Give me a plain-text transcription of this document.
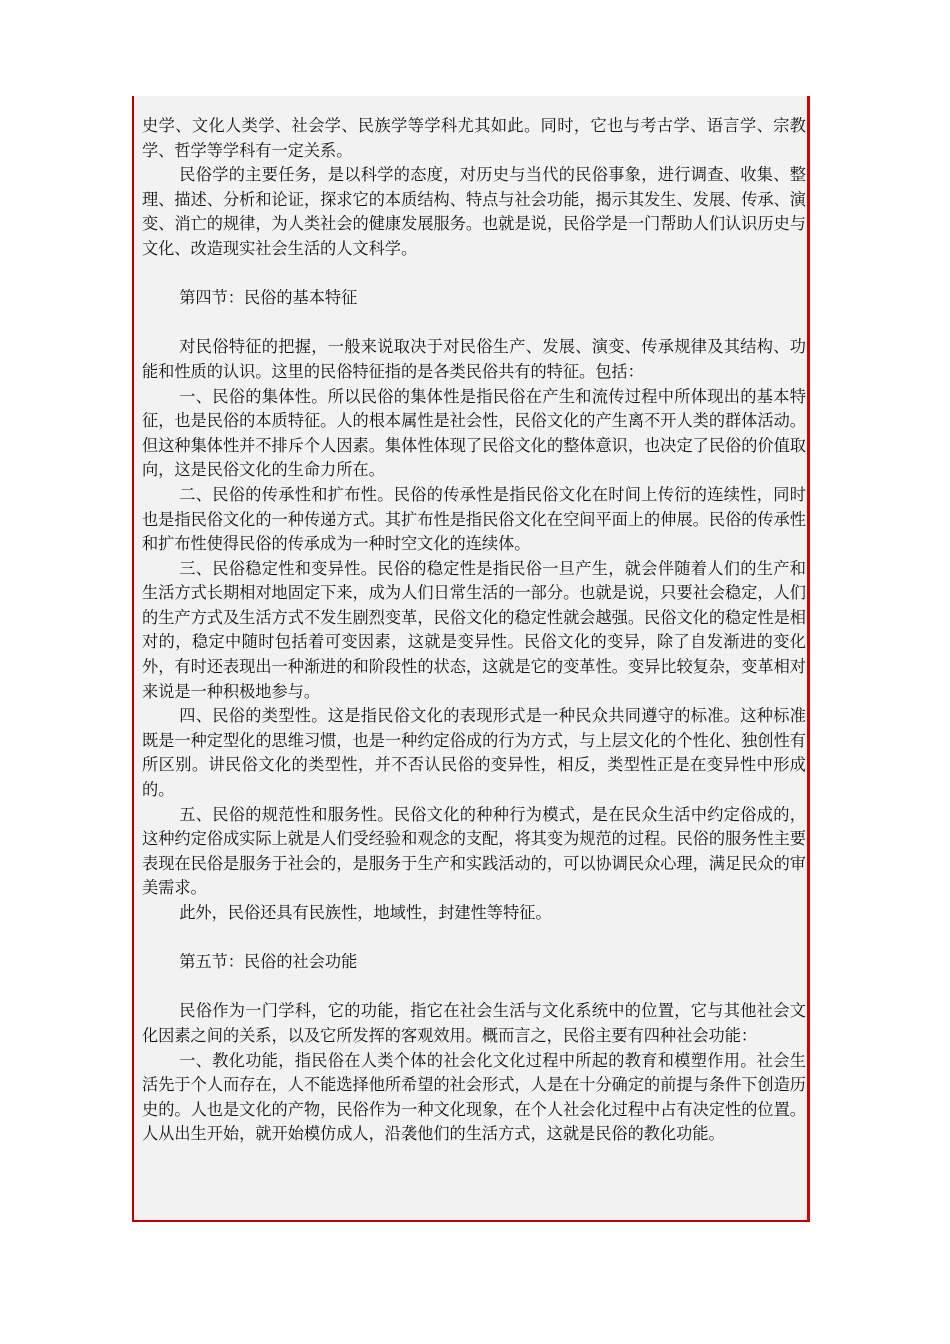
史学、文化人类学、社会学、民族学等学科尤其如此。同时，它也与考古学、语言学、宗教学、哲学等学科有一定关系。

民俗学的主要任务，是以科学的态度，对历史与当代的民俗事象，进行调查、收集、整理、描述、分析和论证，探求它的本质结构、特点与社会功能，揭示其发生、发展、传承、演变、消亡的规律，为人类社会的健康发展服务。也就是说，民俗学是一门帮助人们认识历史与文化、改造现实社会生活的人文科学。

第四节：民俗的基本特征

对民俗特征的把握，一般来说取决于对民俗生产、发展、演变、传承规律及其结构、功能和性质的认识。这里的民俗特征指的是各类民俗共有的特征。包括：

一、民俗的集体性。所以民俗的集体性是指民俗在产生和流传过程中所体现出的基本特征，也是民俗的本质特征。人的根本属性是社会性，民俗文化的产生离不开人类的群体活动。但这种集体性并不排斥个人因素。集体性体现了民俗文化的整体意识，也决定了民俗的价值取向，这是民俗文化的生命力所在。

二、民俗的传承性和扩布性。民俗的传承性是指民俗文化在时间上传衍的连续性，同时也是指民俗文化的一种传递方式。其扩布性是指民俗文化在空间平面上的伸展。民俗的传承性和扩布性使得民俗的传承成为一种时空文化的连续体。

三、民俗稳定性和变异性。民俗的稳定性是指民俗一旦产生，就会伴随着人们的生产和生活方式长期相对地固定下来，成为人们日常生活的一部分。也就是说，只要社会稳定，人们的生产方式及生活方式不发生剧烈变革，民俗文化的稳定性就会越强。民俗文化的稳定性是相对的，稳定中随时包括着可变因素，这就是变异性。民俗文化的变异，除了自发渐进的变化外，有时还表现出一种渐进的和阶段性的状态，这就是它的变革性。变异比较复杂，变革相对来说是一种积极地参与。

四、民俗的类型性。这是指民俗文化的表现形式是一种民众共同遵守的标准。这种标准既是一种定型化的思维习惯，也是一种约定俗成的行为方式，与上层文化的个性化、独创性有所区别。讲民俗文化的类型性，并不否认民俗的变异性，相反，类型性正是在变异性中形成的。

五、民俗的规范性和服务性。民俗文化的种种行为模式，是在民众生活中约定俗成的，这种约定俗成实际上就是人们受经验和观念的支配，将其变为规范的过程。民俗的服务性主要表现在民俗是服务于社会的，是服务于生产和实践活动的，可以协调民众心理，满足民众的审美需求。

此外，民俗还具有民族性，地域性，封建性等特征。

第五节：民俗的社会功能

民俗作为一门学科，它的功能，指它在社会生活与文化系统中的位置，它与其他社会文化因素之间的关系，以及它所发挥的客观效用。概而言之，民俗主要有四种社会功能：

一、教化功能，指民俗在人类个体的社会化文化过程中所起的教育和模塑作用。社会生活先于个人而存在，人不能选择他所希望的社会形式，人是在十分确定的前提与条件下创造历史的。人也是文化的产物，民俗作为一种文化现象，在个人社会化过程中占有决定性的位置。人从出生开始，就开始模仿成人，沿袭他们的生活方式，这就是民俗的教化功能。
